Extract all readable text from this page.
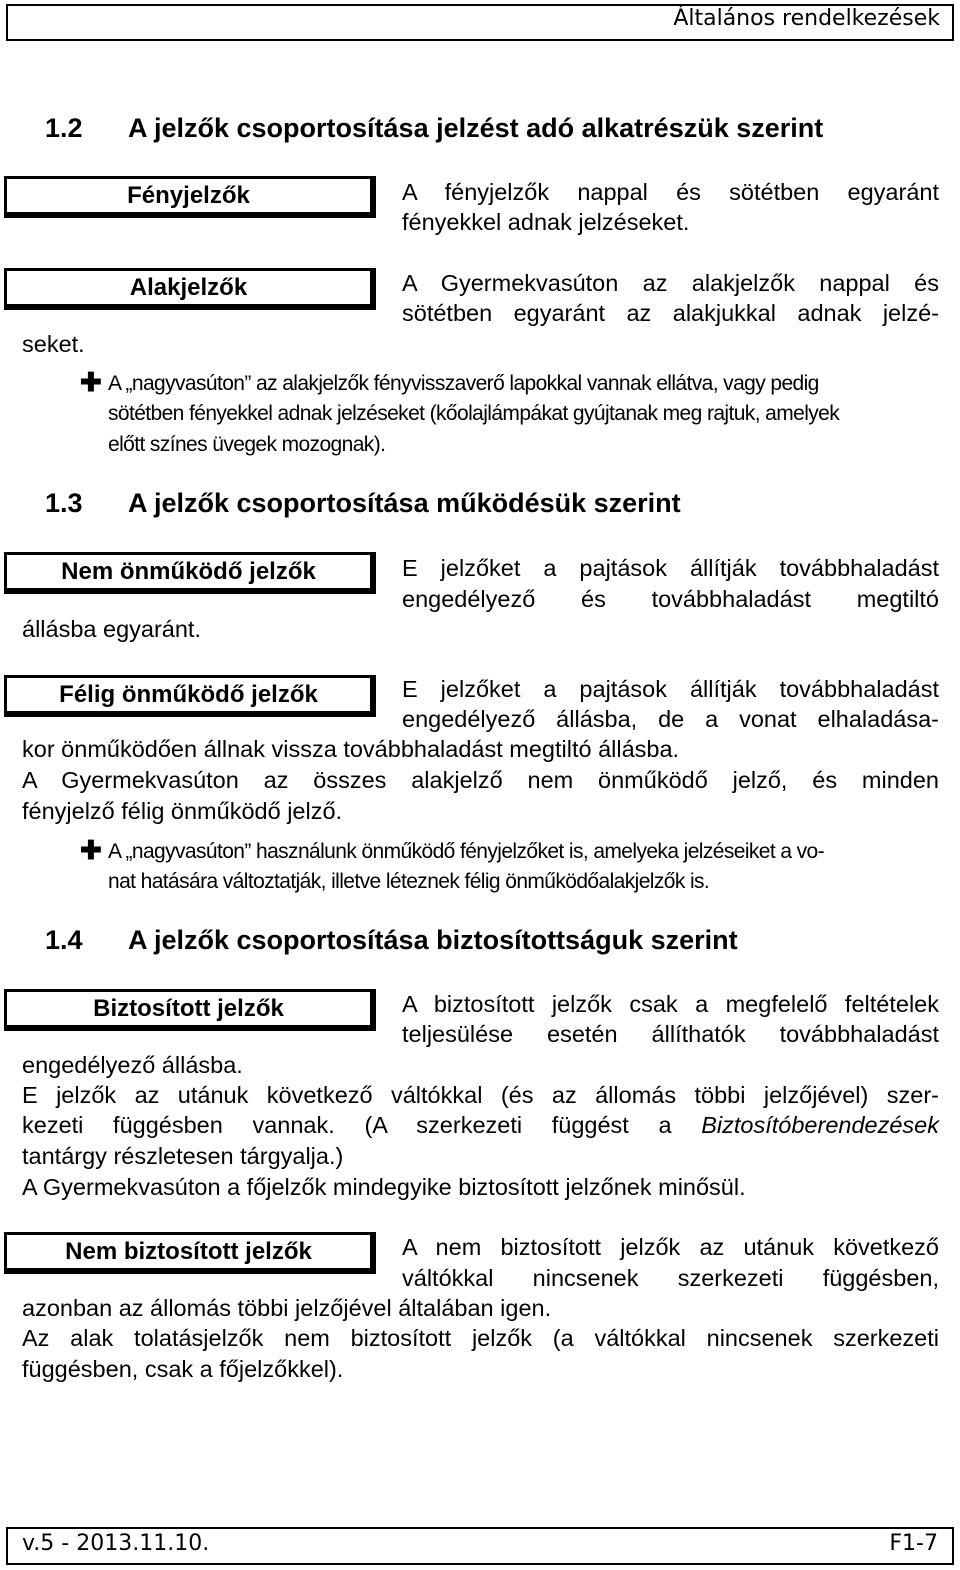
Általános rendelkezések
1.2 A jelzők csoportosítása jelzést adó alkatrészük szerint
Fényjelzők	A fényjelzők nappal és sötétben egyaránt
fényekkel adnak jelzéseket.
Alakjelzők	A Gyermekvasúton az alakjelzők nappal és
sötétben egyaránt az alakjukkal adnak jelzé-
seket.
✚ A „nagyvasúton” az alakjelzők fényvisszaverő lapokkal vannak ellátva, vagy pedig
sötétben fényekkel adnak jelzéseket (kőolajlámpákat gyújtanak meg rajtuk, amelyek
előtt színes üvegek mozognak).
1.3 A jelzők csoportosítása működésük szerint
Nem önműködő jelzők	E jelzőket a pajtások állítják továbbhaladást
engedélyező és továbbhaladást megtiltó
állásba egyaránt.
Félig önműködő jelzők	E jelzőket a pajtások állítják továbbhaladást
engedélyező állásba, de a vonat elhaladása-
kor önműködően állnak vissza továbbhaladást megtiltó állásba.
A Gyermekvasúton az összes alakjelző nem önműködő jelző, és minden
fényjelző félig önműködő jelző.
✚ A „nagyvasúton” használunk önműködő fényjelzőket is, amelyeka jelzéseiket a vo-
nat hatására változtatják, illetve léteznek félig önműködőalakjelzők is.
1.4 A jelzők csoportosítása biztosítottságuk szerint
Biztosított jelzők	A biztosított jelzők csak a megfelelő feltételek
teljesülése esetén állíthatók továbbhaladást
engedélyező állásba.
E jelzők az utánuk következő váltókkal (és az állomás többi jelzőjével) szer-
kezeti függésben vannak. (A szerkezeti függést a Biztosítóberendezések
tantárgy részletesen tárgyalja.)
A Gyermekvasúton a főjelzők mindegyike biztosított jelzőnek minősül.
Nem biztosított jelzők	A nem biztosított jelzők az utánuk következő
váltókkal nincsenek szerkezeti függésben,
azonban az állomás többi jelzőjével általában igen.
Az alak tolatásjelzők nem biztosított jelzők (a váltókkal nincsenek szerkezeti
függésben, csak a főjelzőkkel).
v.5 - 2013.11.10.	F1-7
